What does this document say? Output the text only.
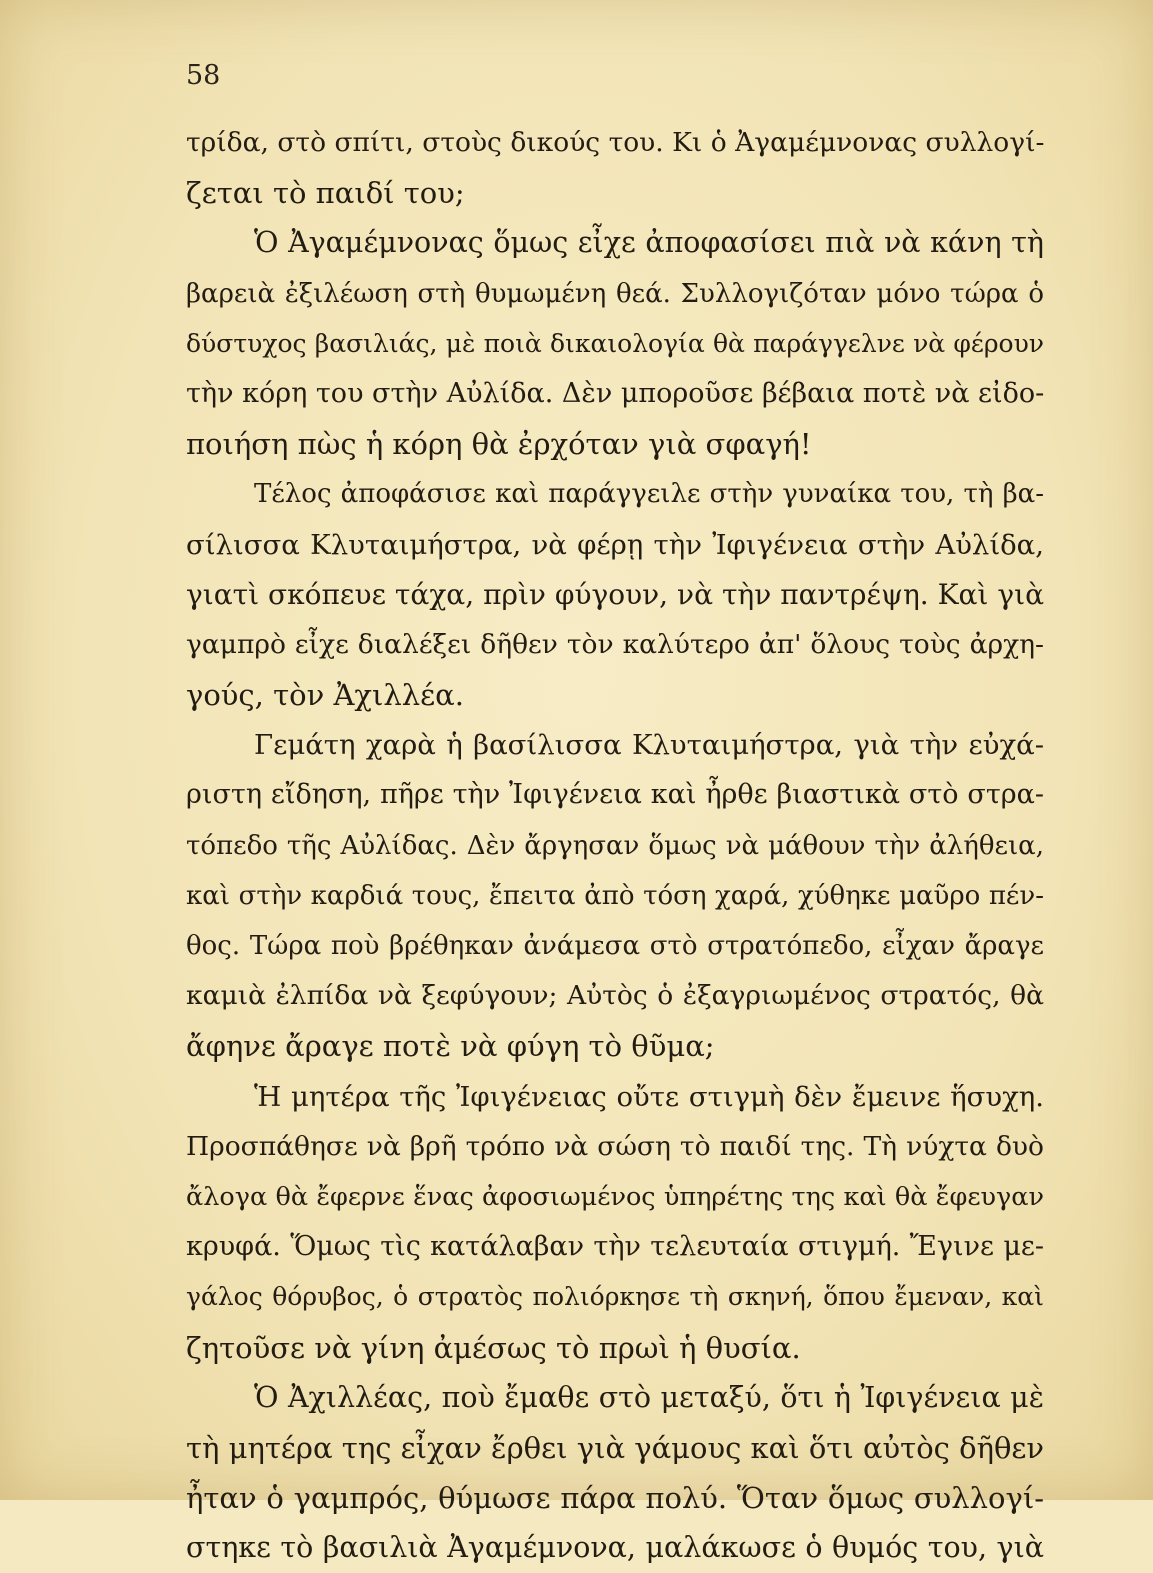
58

τρίδα, στὸ σπίτι, στοὺς δικούς του. Κι ὁ Ἀγαμέμνονας συλλογί-
ζεται τὸ παιδί του;
Ὁ Ἀγαμέμνονας ὅμως εἶχε ἀποφασίσει πιὰ νὰ κάνη τὴ
βαρειὰ ἐξιλέωση στὴ θυμωμένη θεά. Συλλογιζόταν μόνο τώρα ὁ
δύστυχος βασιλιάς, μὲ ποιὰ δικαιολογία θὰ παράγγελνε νὰ φέρουν
τὴν κόρη του στὴν Αὐλίδα. Δὲν μποροῦσε βέβαια ποτὲ νὰ εἰδο-
ποιήση πὼς ἡ κόρη θὰ ἐρχόταν γιὰ σφαγή!
Τέλος ἀποφάσισε καὶ παράγγειλε στὴν γυναίκα του, τὴ βα-
σίλισσα Κλυταιμήστρα, νὰ φέρῃ τὴν Ἰφιγένεια στὴν Αὐλίδα,
γιατὶ σκόπευε τάχα, πρὶν φύγουν, νὰ τὴν παντρέψη. Καὶ γιὰ
γαμπρὸ εἶχε διαλέξει δῆθεν τὸν καλύτερο ἀπ' ὅλους τοὺς ἀρχη-
γούς, τὸν Ἀχιλλέα.
Γεμάτη χαρὰ ἡ βασίλισσα Κλυταιμήστρα, γιὰ τὴν εὐχά-
ριστη εἴδηση, πῆρε τὴν Ἰφιγένεια καὶ ἦρθε βιαστικὰ στὸ στρα-
τόπεδο τῆς Αὐλίδας. Δὲν ἄργησαν ὅμως νὰ μάθουν τὴν ἀλήθεια,
καὶ στὴν καρδιά τους, ἔπειτα ἀπὸ τόση χαρά, χύθηκε μαῦρο πέν-
θος. Τώρα ποὺ βρέθηκαν ἀνάμεσα στὸ στρατόπεδο, εἶχαν ἄραγε
καμιὰ ἐλπίδα νὰ ξεφύγουν; Αὐτὸς ὁ ἐξαγριωμένος στρατός, θὰ
ἄφηνε ἄραγε ποτὲ νὰ φύγη τὸ θῦμα;
Ἡ μητέρα τῆς Ἰφιγένειας οὔτε στιγμὴ δὲν ἔμεινε ἥσυχη.
Προσπάθησε νὰ βρῆ τρόπο νὰ σώση τὸ παιδί της. Τὴ νύχτα δυὸ
ἄλογα θὰ ἔφερνε ἕνας ἀφοσιωμένος ὑπηρέτης της καὶ θὰ ἔφευγαν
κρυφά. Ὅμως τὶς κατάλαβαν τὴν τελευταία στιγμή. Ἔγινε με-
γάλος θόρυβος, ὁ στρατὸς πολιόρκησε τὴ σκηνή, ὅπου ἔμεναν, καὶ
ζητοῦσε νὰ γίνη ἀμέσως τὸ πρωὶ ἡ θυσία.
Ὁ Ἀχιλλέας, ποὺ ἔμαθε στὸ μεταξύ, ὅτι ἡ Ἰφιγένεια μὲ
τὴ μητέρα της εἶχαν ἔρθει γιὰ γάμους καὶ ὅτι αὐτὸς δῆθεν
ἦταν ὁ γαμπρός, θύμωσε πάρα πολύ. Ὅταν ὅμως συλλογί-
στηκε τὸ βασιλιὰ Ἀγαμέμνονα, μαλάκωσε ὁ θυμός του, γιὰ
